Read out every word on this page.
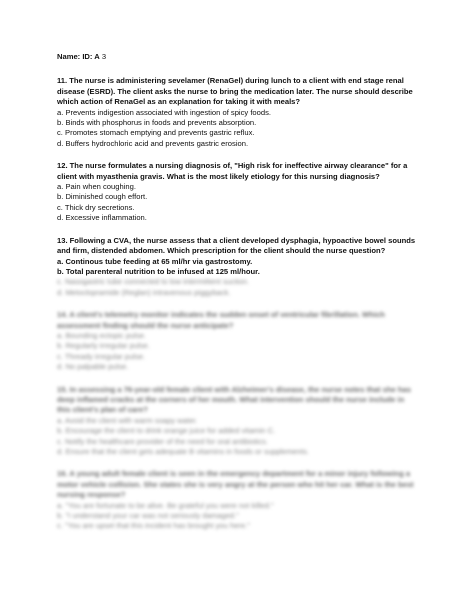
Name: ID: A 3

11. The nurse is administering sevelamer (RenaGel) during lunch to a client with end stage renal disease (ESRD). The client asks the nurse to bring the medication later. The nurse should describe which action of RenaGel as an explanation for taking it with meals?

a. Prevents indigestion associated with ingestion of spicy foods.

b. Binds with phosphorus in foods and prevents absorption.

c. Promotes stomach emptying and prevents gastric reflux.

d. Buffers hydrochloric acid and prevents gastric erosion.

12. The nurse formulates a nursing diagnosis of, "High risk for ineffective airway clearance" for a client with myasthenia gravis. What is the most likely etiology for this nursing diagnosis?

a. Pain when coughing.

b. Diminished cough effort.

c. Thick dry secretions.

d. Excessive inflammation.

13. Following a CVA, the nurse assess that a client developed dysphagia, hypoactive bowel sounds and firm, distended abdomen. Which prescription for the client should the nurse question?

a. Continous tube feeding at 65 ml/hr via gastrostomy.

b. Total parenteral nutrition to be infused at 125 ml/hour.

c. Nasogastric tube connected to low intermittent suction.

d. Metoclopramide (Reglan) intravenous piggyback.

14. A client's telemetry monitor indicates the sudden onset of ventricular fibrillation. Which assessment finding should the nurse anticipate?

a. Bounding ectopic pulse.

b. Regularly irregular pulse.

c. Thready irregular pulse.

d. No palpable pulse.

15. In assessing a 76-year-old female client with Alzheimer's disease, the nurse notes that she has deep inflamed cracks at the corners of her mouth. What intervention should the nurse include in this client's plan of care?

a. Avoid the client with warm soapy water.

b. Encourage the client to drink orange juice for added vitamin C.

c. Notify the healthcare provider of the need for oral antibiotics.

d. Ensure that the client gets adequate B vitamins in foods or supplements.

16. A young adult female client is seen in the emergency department for a minor injury following a motor vehicle collision. She states she is very angry at the person who hit her car. What is the best nursing response?

a. "You are fortunate to be alive. Be grateful you were not killed."

b. "I understand your car was not seriously damaged."

c. "You are upset that this incident has brought you here."
